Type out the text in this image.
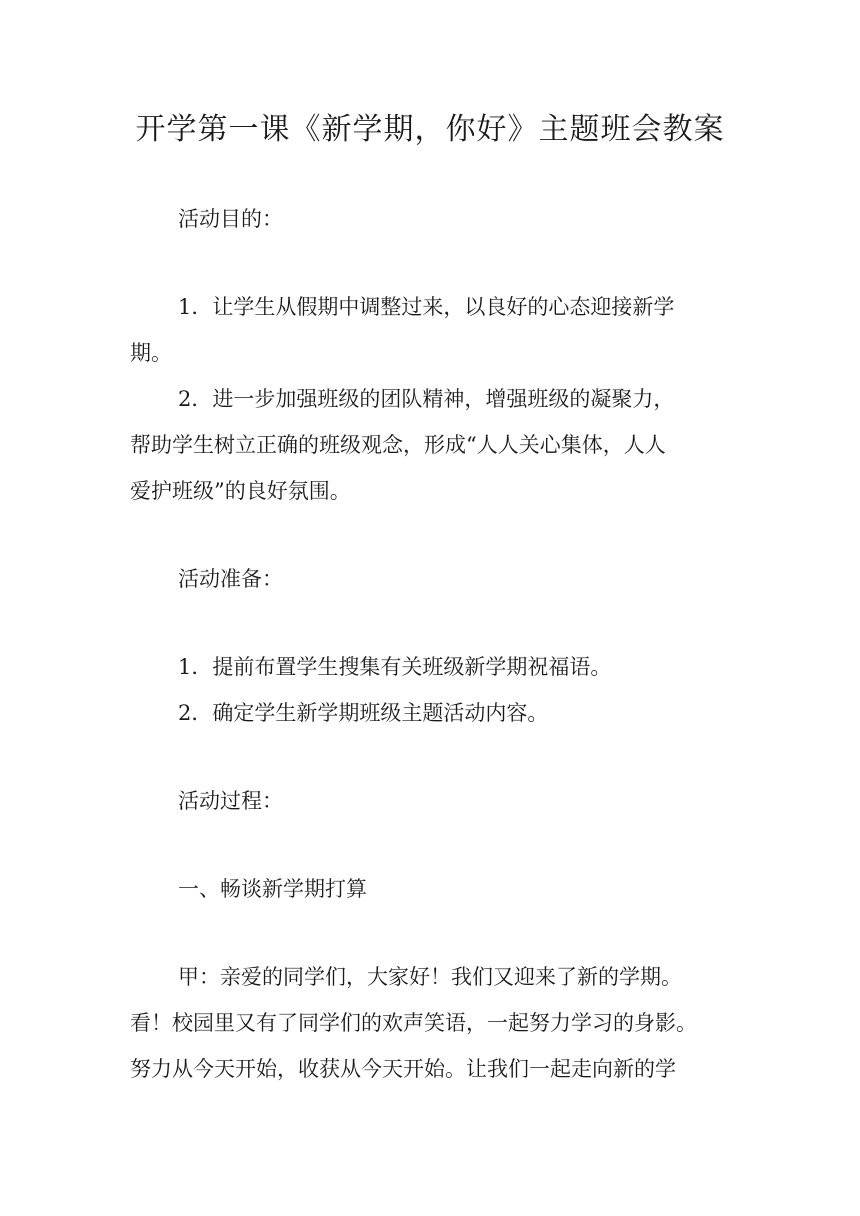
开学第一课《新学期，你好》主题班会教案

活动目的：

1．让学生从假期中调整过来，以良好的心态迎接新学

期。

2．进一步加强班级的团队精神，增强班级的凝聚力，

帮助学生树立正确的班级观念，形成“人人关心集体，人人

爱护班级”的良好氛围。

活动准备：

1．提前布置学生搜集有关班级新学期祝福语。

2．确定学生新学期班级主题活动内容。

活动过程：

一、畅谈新学期打算

甲：亲爱的同学们，大家好！我们又迎来了新的学期。

看！校园里又有了同学们的欢声笑语，一起努力学习的身影。

努力从今天开始，收获从今天开始。让我们一起走向新的学
